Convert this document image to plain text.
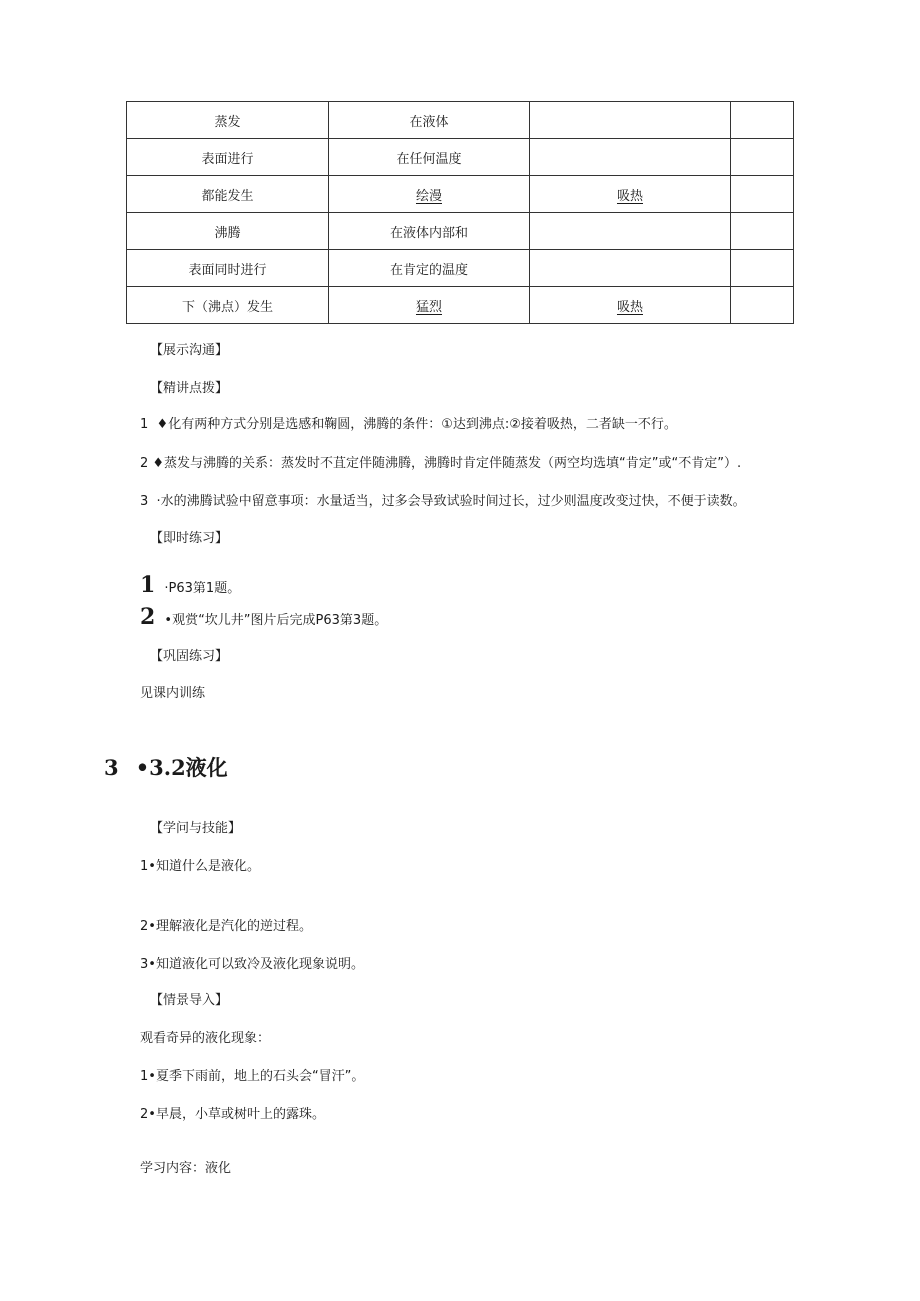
蒸发	在液体		
表面进行	在任何温度		
都能发生	绘漫	吸热	
沸腾	在液体内部和		
表面同时进行	在肯定的温度		
下（沸点）发生	猛烈	吸热	
【展示沟通】
【精讲点拨】
1  ♦化有两种方式分别是选感和鞠圆，沸腾的条件：①达到沸点:②接着吸热，二者缺一不行。
2 ♦蒸发与沸腾的关系：蒸发时不苴定伴随沸腾，沸腾时肯定伴随蒸发（两空均选填“肯定”或“不肯定”）.
3  ·水的沸腾试验中留意事项：水量适当，过多会导致试验时间过长，过少则温度改变过快，不便于读数。
【即时练习】
1 ·P63第1题。
2 •观赏“坎儿井”图片后完成P63第3题。
【巩固练习】
见课内训练
3 •3.2液化
【学问与技能】
1•知道什么是液化。
2•理解液化是汽化的逆过程。
3•知道液化可以致冷及液化现象说明。
【情景导入】
观看奇异的液化现象：
1•夏季下雨前，地上的石头会“冒汗”。
2•早晨，小草或树叶上的露珠。
学习内容：液化
